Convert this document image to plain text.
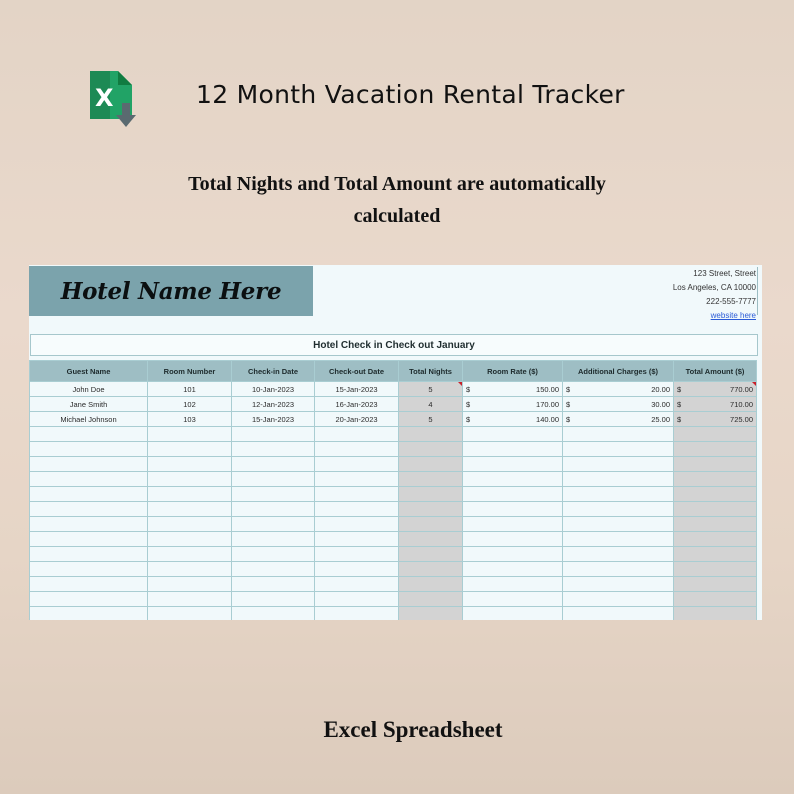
X	12 Month Vacation Rental Tracker
Total Nights and Total Amount are automatically calculated
Hotel Name Here
123 Street, Street
Los Angeles, CA 10000
222-555-7777
website here
Hotel Check in Check out January
Guest Name	Room Number	Check-in Date	Check-out Date	Total Nights	Room Rate ($)	Additional Charges ($)	Total Amount ($)
John Doe	101	10-Jan-2023	15-Jan-2023	5	$ 150.00	$ 20.00	$ 770.00

Jane Smith	102	12-Jan-2023	16-Jan-2023	4	$ 170.00	$ 30.00	$ 710.00

Michael Johnson	103	15-Jan-2023	20-Jan-2023	5	$ 140.00	$ 25.00	$ 725.00

Excel Spreadsheet
